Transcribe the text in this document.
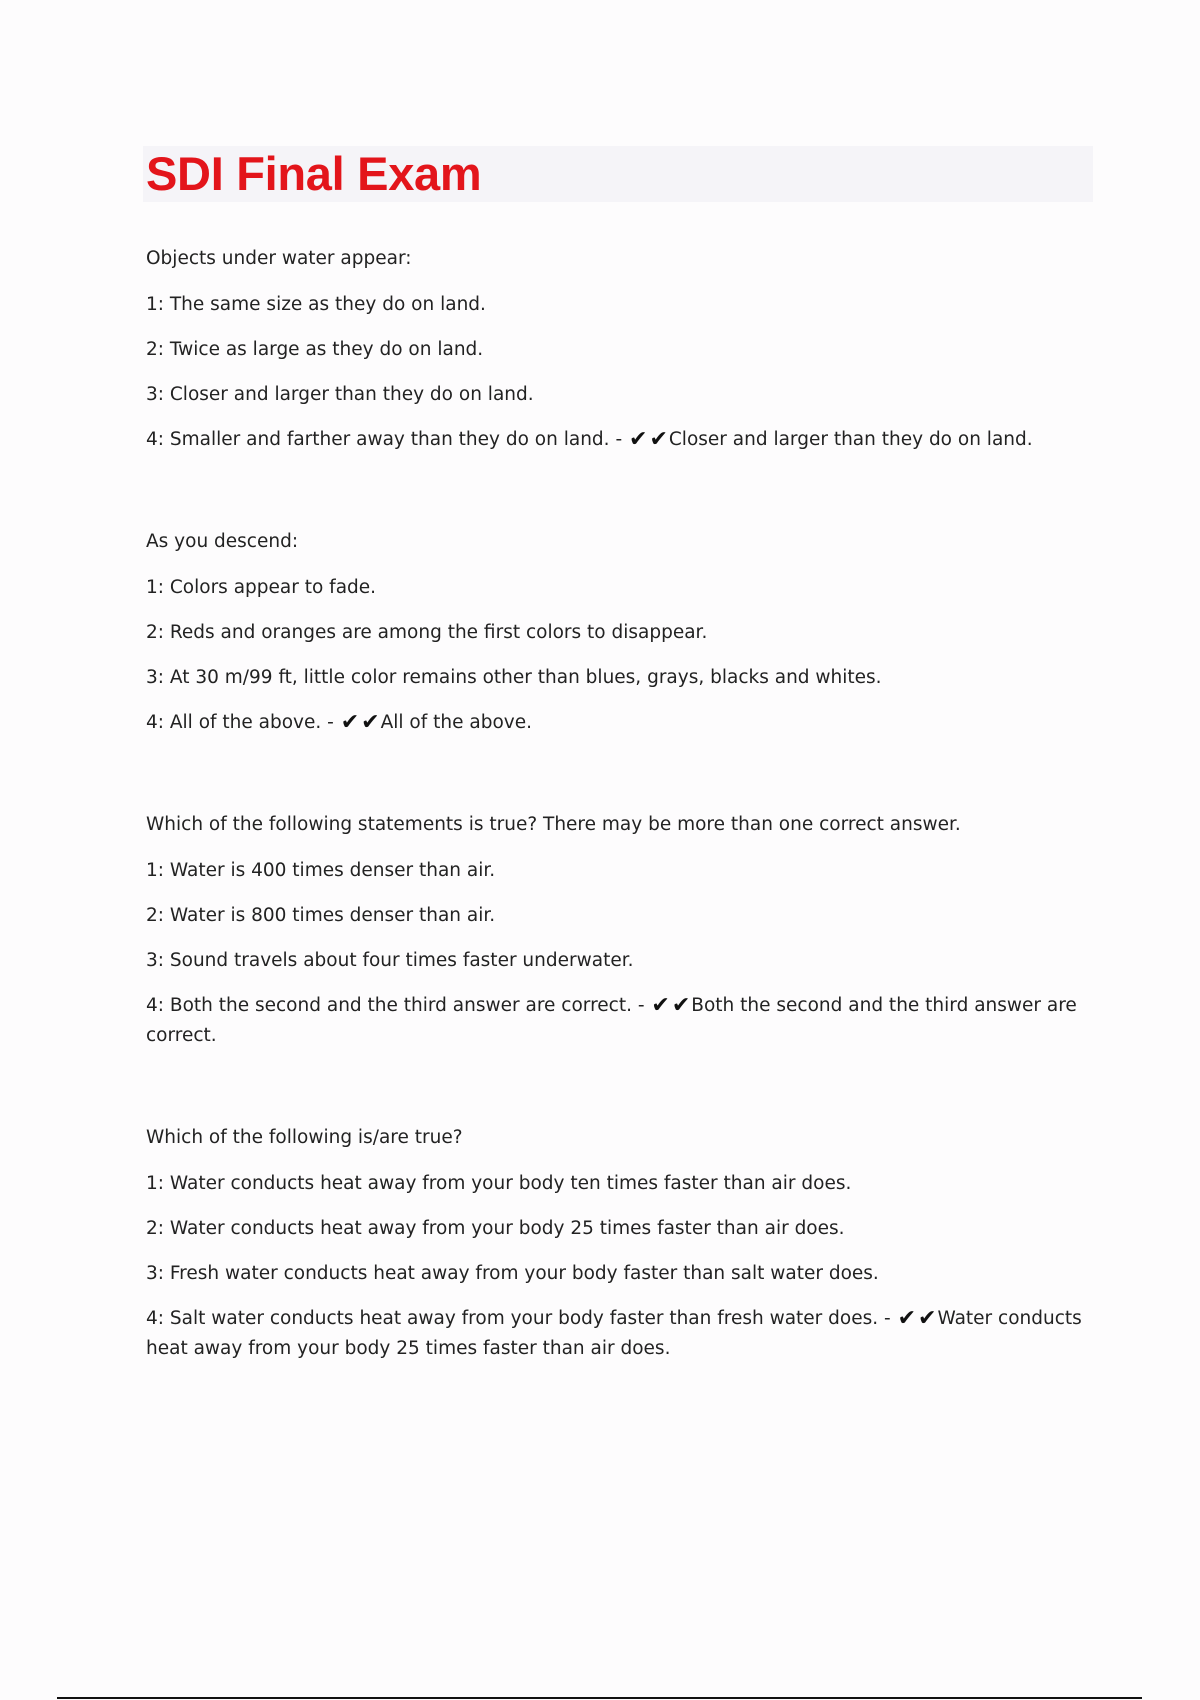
SDI Final Exam

Objects under water appear:

1: The same size as they do on land.

2: Twice as large as they do on land.

3: Closer and larger than they do on land.

4: Smaller and farther away than they do on land. - ✔✔Closer and larger than they do on land.

As you descend:

1: Colors appear to fade.

2: Reds and oranges are among the first colors to disappear.

3: At 30 m/99 ft, little color remains other than blues, grays, blacks and whites.

4: All of the above. - ✔✔All of the above.

Which of the following statements is true? There may be more than one correct answer.

1: Water is 400 times denser than air.

2: Water is 800 times denser than air.

3: Sound travels about four times faster underwater.

4: Both the second and the third answer are correct. - ✔✔Both the second and the third answer are correct.

Which of the following is/are true?

1: Water conducts heat away from your body ten times faster than air does.

2: Water conducts heat away from your body 25 times faster than air does.

3: Fresh water conducts heat away from your body faster than salt water does.

4: Salt water conducts heat away from your body faster than fresh water does. - ✔✔Water conducts heat away from your body 25 times faster than air does.
